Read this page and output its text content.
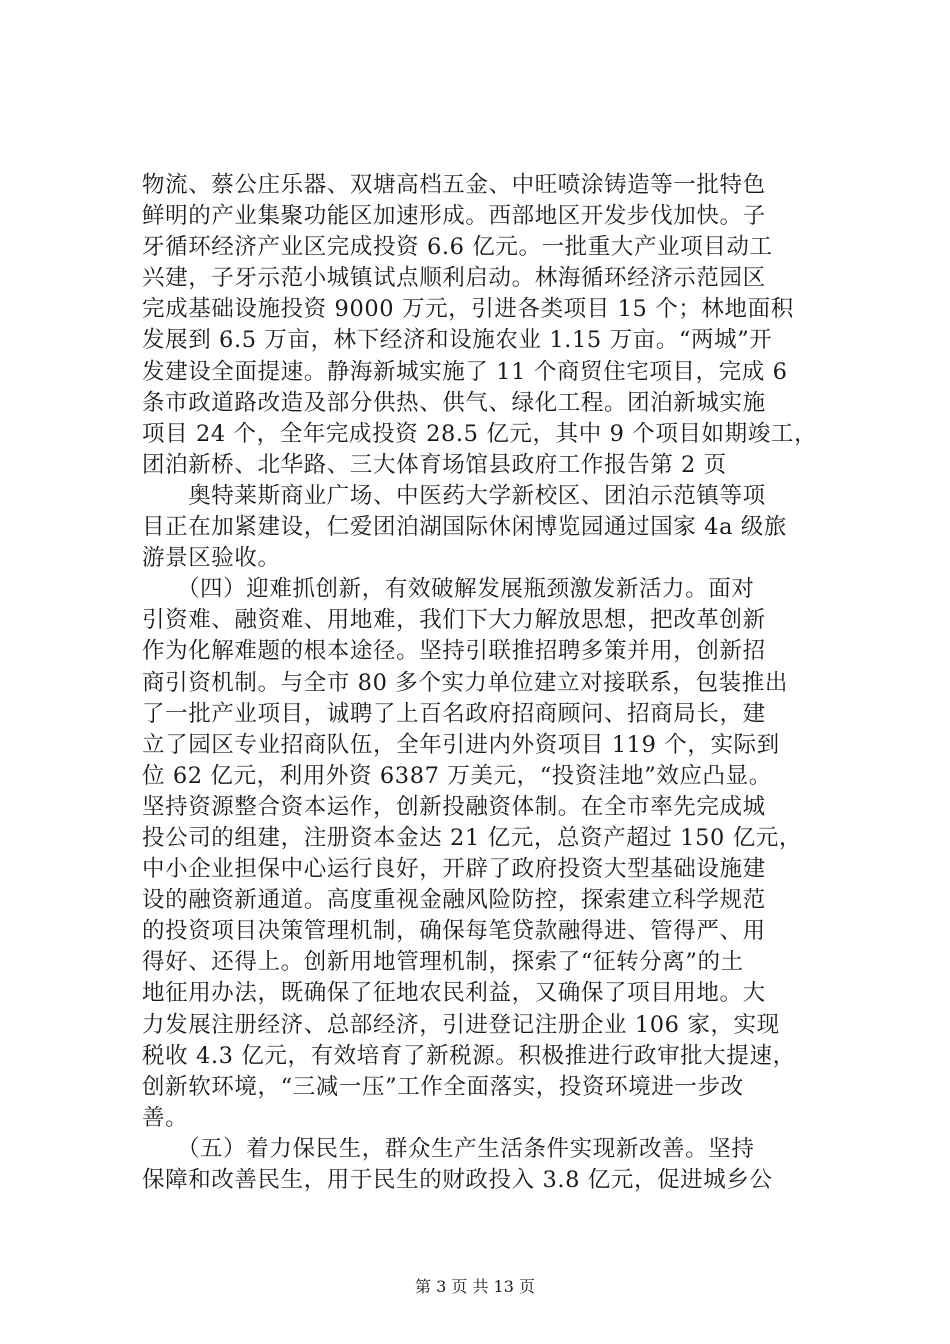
物流、蔡公庄乐器、双塘高档五金、中旺喷涂铸造等一批特色
鲜明的产业集聚功能区加速形成。西部地区开发步伐加快。子
牙循环经济产业区完成投资 6.6 亿元。一批重大产业项目动工
兴建，子牙示范小城镇试点顺利启动。林海循环经济示范园区
完成基础设施投资 9000 万元，引进各类项目 15 个；林地面积
发展到 6.5 万亩，林下经济和设施农业 1.15 万亩。“两城”开
发建设全面提速。静海新城实施了 11 个商贸住宅项目，完成 6
条市政道路改造及部分供热、供气、绿化工程。团泊新城实施
项目 24 个，全年完成投资 28.5 亿元，其中 9 个项目如期竣工，
团泊新桥、北华路、三大体育场馆县政府工作报告第 2 页
　　奥特莱斯商业广场、中医药大学新校区、团泊示范镇等项
目正在加紧建设，仁爱团泊湖国际休闲博览园通过国家 4a 级旅
游景区验收。
　　（四）迎难抓创新，有效破解发展瓶颈激发新活力。面对
引资难、融资难、用地难，我们下大力解放思想，把改革创新
作为化解难题的根本途径。坚持引联推招聘多策并用，创新招
商引资机制。与全市 80 多个实力单位建立对接联系，包装推出
了一批产业项目，诚聘了上百名政府招商顾问、招商局长，建
立了园区专业招商队伍，全年引进内外资项目 119 个，实际到
位 62 亿元，利用外资 6387 万美元，“投资洼地”效应凸显。
坚持资源整合资本运作，创新投融资体制。在全市率先完成城
投公司的组建，注册资本金达 21 亿元，总资产超过 150 亿元，
中小企业担保中心运行良好，开辟了政府投资大型基础设施建
设的融资新通道。高度重视金融风险防控，探索建立科学规范
的投资项目决策管理机制，确保每笔贷款融得进、管得严、用
得好、还得上。创新用地管理机制，探索了“征转分离”的土
地征用办法，既确保了征地农民利益，又确保了项目用地。大
力发展注册经济、总部经济，引进登记注册企业 106 家，实现
税收 4.3 亿元，有效培育了新税源。积极推进行政审批大提速，
创新软环境，“三减一压”工作全面落实，投资环境进一步改
善。
　　（五）着力保民生，群众生产生活条件实现新改善。坚持
保障和改善民生，用于民生的财政投入 3.8 亿元，促进城乡公
第 3 页 共 13 页
